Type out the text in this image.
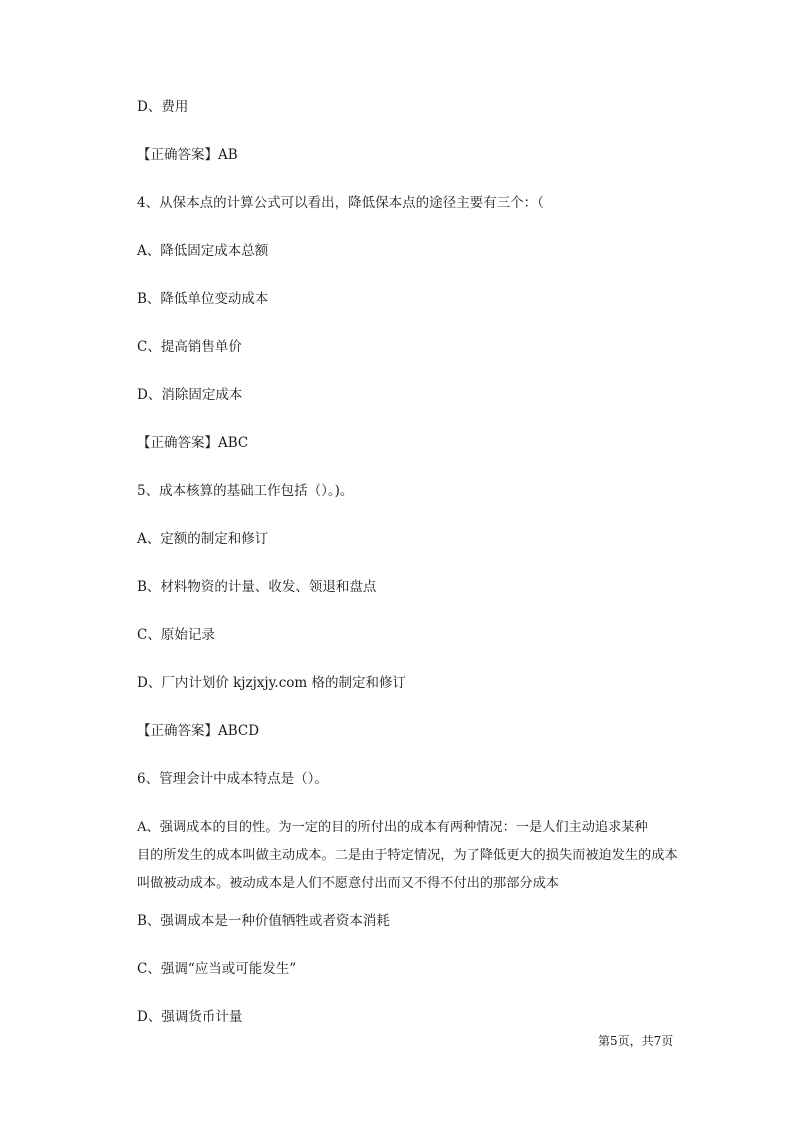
D、费用
【正确答案】AB
4、从保本点的计算公式可以看出，降低保本点的途径主要有三个：（
A、降低固定成本总额
B、降低单位变动成本
C、提高销售单价
D、消除固定成本
【正确答案】ABC
5、成本核算的基础工作包括（）。)。
A、定额的制定和修订
B、材料物资的计量、收发、领退和盘点
C、原始记录
D、厂内计划价 kjzjxjy.com 格的制定和修订
【正确答案】ABCD
6、管理会计中成本特点是（）。
A、强调成本的目的性。为一定的目的所付出的成本有两种情况：一是人们主动追求某种
目的所发生的成本叫做主动成本。二是由于特定情况，为了降低更大的损失而被迫发生的成本
叫做被动成本。被动成本是人们不愿意付出而又不得不付出的那部分成本
B、强调成本是一种价值牺牲或者资本消耗
C、强调“应当或可能发生”
D、强调货币计量
第5页，共7页
